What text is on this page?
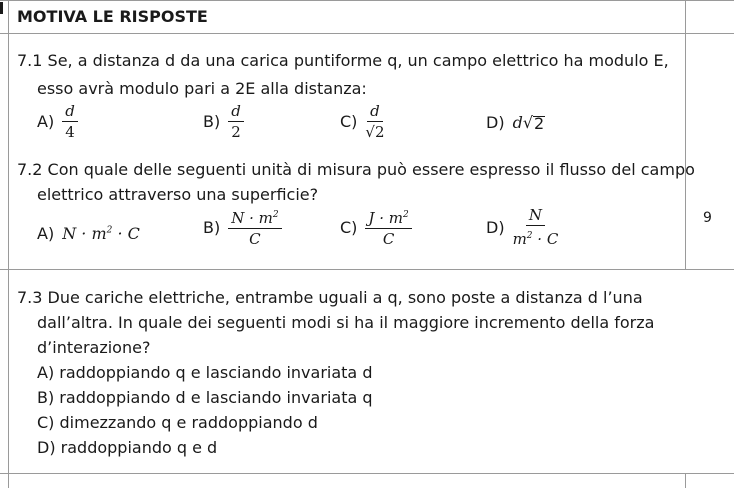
MOTIVA LE RISPOSTE
7.1 Se, a distanza d da una carica puntiforme q, un campo elettrico ha modulo E,
esso avrà modulo pari a 2E alla distanza:
$A) \frac{d}{4}$	$B) \frac{d}{2}$	$C) \frac{d}{√2}$	D) d √ 2
7.2 Con quale delle seguenti unità di misura può essere espresso il flusso del campo
elettrico attraverso una superficie?
A) $N \cdot m^2 \cdot C$	$B) \frac{N \cdot m^2}{C}$	$C) \frac{J \cdot m^2}{C}$	$D) \frac{N}{m^2 \cdot C}$	9
7.3 Due cariche elettriche, entrambe uguali a q, sono poste a distanza d l’una
dall’altra. In quale dei seguenti modi si ha il maggiore incremento della forza
d’interazione?
A) raddoppiando q e lasciando invariata d
B) raddoppiando d e lasciando invariata q
C) dimezzando q e raddoppiando d
D) raddoppiando q e d
